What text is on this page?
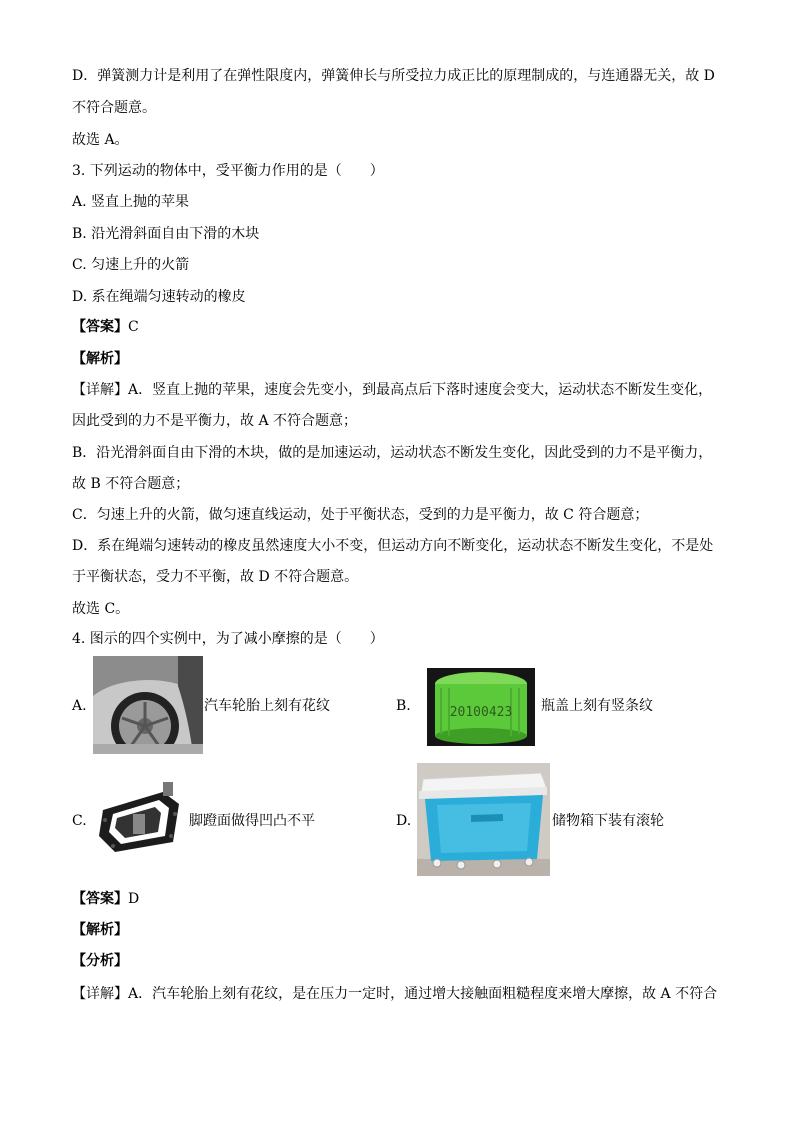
D．弹簧测力计是利用了在弹性限度内，弹簧伸长与所受拉力成正比的原理制成的，与连通器无关，故 D
不符合题意。
故选 A。
3. 下列运动的物体中，受平衡力作用的是（　　）
A. 竖直上抛的苹果
B. 沿光滑斜面自由下滑的木块
C. 匀速上升的火箭
D. 系在绳端匀速转动的橡皮
【答案】C
【解析】
【详解】A．竖直上抛的苹果，速度会先变小，到最高点后下落时速度会变大，运动状态不断发生变化，
因此受到的力不是平衡力，故 A 不符合题意；
B．沿光滑斜面自由下滑的木块，做的是加速运动，运动状态不断发生变化，因此受到的力不是平衡力，
故 B 不符合题意；
C．匀速上升的火箭，做匀速直线运动，处于平衡状态，受到的力是平衡力，故 C 符合题意；
D．系在绳端匀速转动的橡皮虽然速度大小不变，但运动方向不断变化，运动状态不断发生变化，不是处
于平衡状态，受力不平衡，故 D 不符合题意。
故选 C。
4. 图示的四个实例中，为了减小摩擦的是（　　）
A.	汽车轮胎上刻有花纹	B.	20100423 瓶盖上刻有竖条纹
C.	脚蹬面做得凹凸不平	D.	储物箱下装有滚轮
【答案】D
【解析】
【分析】
【详解】A．汽车轮胎上刻有花纹，是在压力一定时，通过增大接触面粗糙程度来增大摩擦，故 A 不符合
